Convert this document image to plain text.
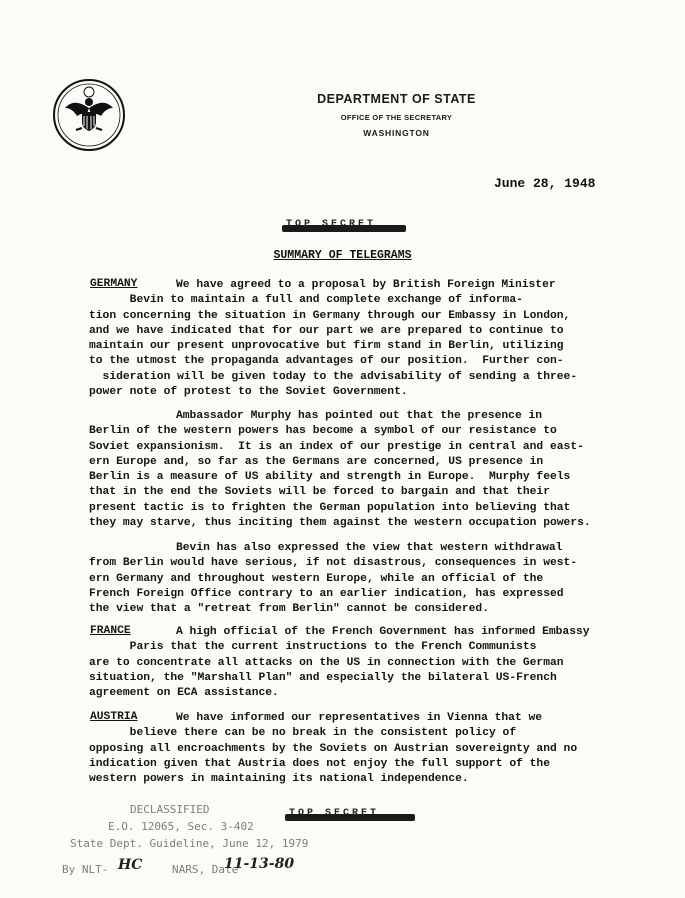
DEPARTMENT OF STATE
OFFICE OF THE SECRETARY
WASHINGTON
June 28, 1948
SUMMARY OF TELEGRAMS
GERMANY	We have agreed to a proposal by British Foreign Minister
Bevin to maintain a full and complete exchange of informa-
tion concerning the situation in Germany through our Embassy in London,
and we have indicated that for our part we are prepared to continue to
maintain our present unprovocative but firm stand in Berlin, utilizing
to the utmost the propaganda advantages of our position.  Further con-
sideration will be given today to the advisability of sending a three-
power note of protest to the Soviet Government.
Ambassador Murphy has pointed out that the presence in
Berlin of the western powers has become a symbol of our resistance to
Soviet expansionism.  It is an index of our prestige in central and east-
ern Europe and, so far as the Germans are concerned, US presence in
Berlin is a measure of US ability and strength in Europe.  Murphy feels
that in the end the Soviets will be forced to bargain and that their
present tactic is to frighten the German population into believing that
they may starve, thus inciting them against the western occupation powers.
Bevin has also expressed the view that western withdrawal
from Berlin would have serious, if not disastrous, consequences in west-
ern Germany and throughout western Europe, while an official of the
French Foreign Office contrary to an earlier indication, has expressed
the view that a "retreat from Berlin" cannot be considered.
FRANCE	A high official of the French Government has informed Embassy
Paris that the current instructions to the French Communists
are to concentrate all attacks on the US in connection with the German
situation, the "Marshall Plan" and especially the bilateral US-French
agreement on ECA assistance.
AUSTRIA	We have informed our representatives in Vienna that we
believe there can be no break in the consistent policy of
opposing all encroachments by the Soviets on Austrian sovereignty and no
indication given that Austria does not enjoy the full support of the
western powers in maintaining its national independence.
DECLASSIFIED
E.O. 12065, Sec. 3-402
State Dept. Guideline, June 12, 1979
By NLT- HC	NARS, Date
11-13-80
